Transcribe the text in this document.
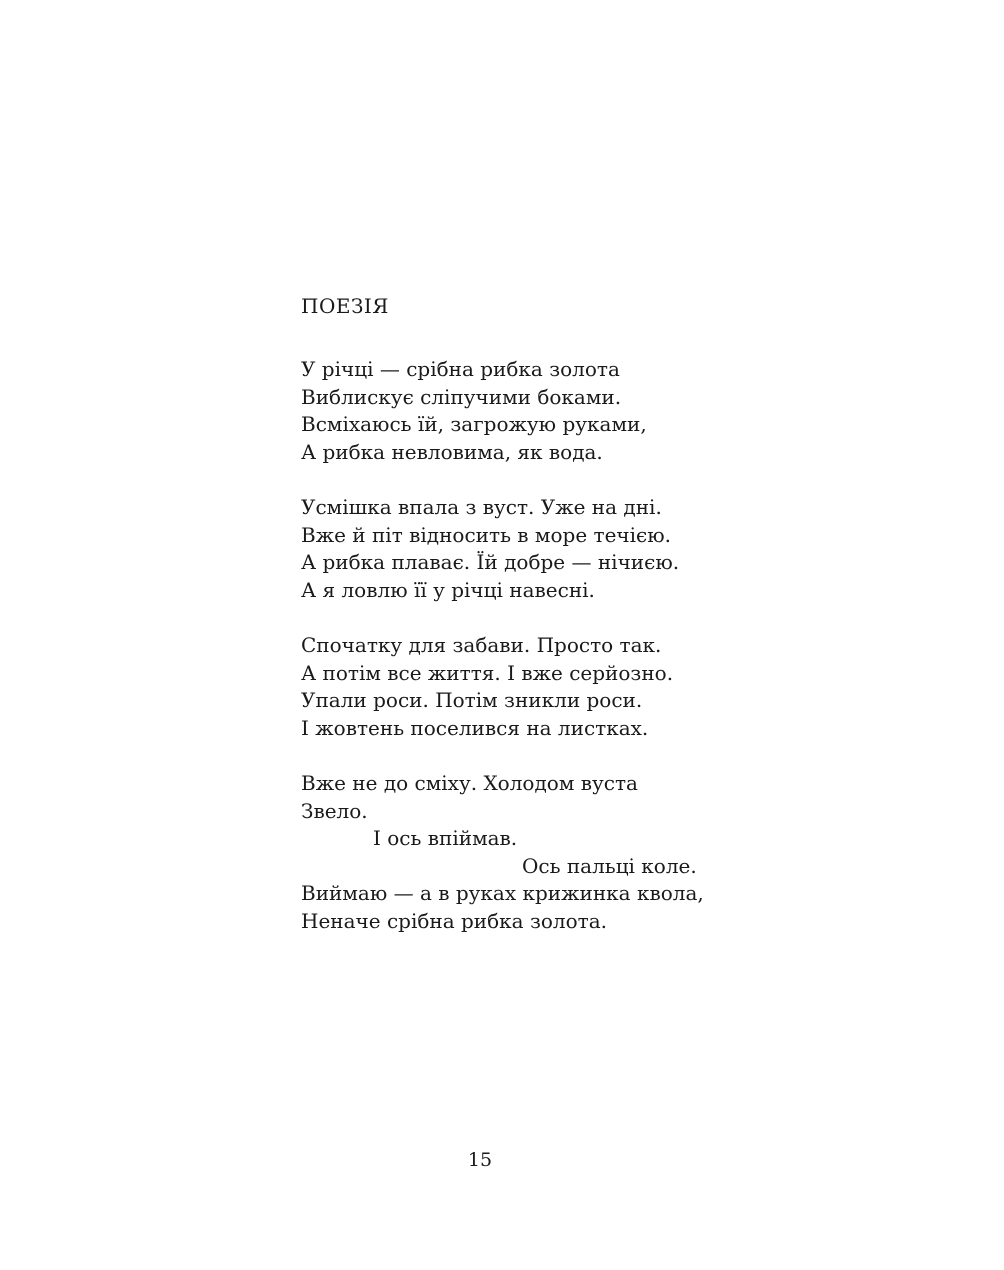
ПОЕЗІЯ

У річці — срібна рибка золота
Виблискує сліпучими боками.
Всміхаюсь їй, загрожую руками,
А рибка невловима, як вода.

Усмішка впала з вуст. Уже на дні.
Вже й піт відносить в море течією.
А рибка плаває. Їй добре — нічиєю.
А я ловлю її у річці навесні.

Спочатку для забави. Просто так.
А потім все життя. І вже серйозно.
Упали роси. Потім зникли роси.
І жовтень поселився на листках.

Вже не до сміху. Холодом вуста
Звело.
І ось впіймав.
Ось пальці коле.
Виймаю — а в руках крижинка квола,
Неначе срібна рибка золота.

15
